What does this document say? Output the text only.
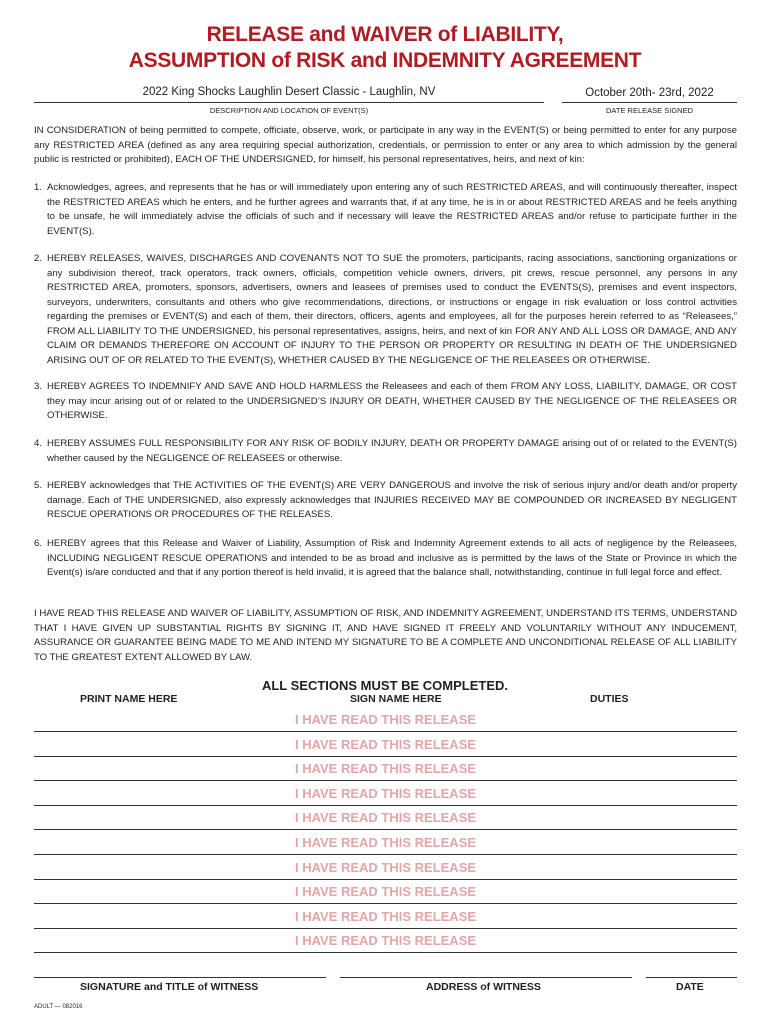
RELEASE and WAIVER of LIABILITY,
ASSUMPTION of RISK and INDEMNITY AGREEMENT
2022 King Shocks Laughlin Desert Classic - Laughlin, NV	October 20th- 23rd, 2022
DESCRIPTION AND LOCATION OF EVENT(S)	DATE RELEASE SIGNED
IN CONSIDERATION of being permitted to compete, officiate, observe, work, or participate in any way in the EVENT(S) or being permitted to enter for any purpose any RESTRICTED AREA (defined as any area requiring special authorization, credentials, or permission to enter or any area to which admission by the general public is restricted or prohibited), EACH OF THE UNDERSIGNED, for himself, his personal representatives, heirs, and next of kin:
1. Acknowledges, agrees, and represents that he has or will immediately upon entering any of such RESTRICTED AREAS, and will continuously thereafter, inspect the RESTRICTED AREAS which he enters, and he further agrees and warrants that, if at any time, he is in or about RESTRICTED AREAS and he feels anything to be unsafe, he will immediately advise the officials of such and if necessary will leave the RESTRICTED AREAS and/or refuse to participate further in the EVENT(S).
2. HEREBY RELEASES, WAIVES, DISCHARGES AND COVENANTS NOT TO SUE the promoters, participants, racing associations, sanctioning organizations or any subdivision thereof, track operators, track owners, officials, competition vehicle owners, drivers, pit crews, rescue personnel, any persons in any RESTRICTED AREA, promoters, sponsors, advertisers, owners and leasees of premises used to conduct the EVENTS(S), premises and event inspectors, surveyors, underwriters, consultants and others who give recommendations, directions, or instructions or engage in risk evaluation or loss control activities regarding the premises or EVENT(S) and each of them, their directors, officers, agents and employees, all for the purposes herein referred to as “Releasees,” FROM ALL LIABILITY TO THE UNDERSIGNED, his personal representatives, assigns, heirs, and next of kin FOR ANY AND ALL LOSS OR DAMAGE, AND ANY CLAIM OR DEMANDS THEREFORE ON ACCOUNT OF INJURY TO THE PERSON OR PROPERTY OR RESULTING IN DEATH OF THE UNDERSIGNED ARISING OUT OF OR RELATED TO THE EVENT(S), WHETHER CAUSED BY THE NEGLIGENCE OF THE RELEASEES OR OTHERWISE.
3. HEREBY AGREES TO INDEMNIFY AND SAVE AND HOLD HARMLESS the Releasees and each of them FROM ANY LOSS, LIABILITY, DAMAGE, OR COST they may incur arising out of or related to the UNDERSIGNED’S INJURY OR DEATH, WHETHER CAUSED BY THE NEGLIGENCE OF THE RELEASEES OR OTHERWISE.
4. HEREBY ASSUMES FULL RESPONSIBILITY FOR ANY RISK OF BODILY INJURY, DEATH OR PROPERTY DAMAGE arising out of or related to the EVENT(S) whether caused by the NEGLIGENCE OF RELEASEES or otherwise.
5. HEREBY acknowledges that THE ACTIVITIES OF THE EVENT(S) ARE VERY DANGEROUS and involve the risk of serious injury and/or death and/or property damage. Each of THE UNDERSIGNED, also expressly acknowledges that INJURIES RECEIVED MAY BE COMPOUNDED OR INCREASED BY NEGLIGENT RESCUE OPERATIONS OR PROCEDURES OF THE RELEASES.
6. HEREBY agrees that this Release and Waiver of Liability, Assumption of Risk and Indemnity Agreement extends to all acts of negligence by the Releasees, INCLUDING NEGLIGENT RESCUE OPERATIONS and intended to be as broad and inclusive as is permitted by the laws of the State or Province in which the Event(s) is/are conducted and that if any portion thereof is held invalid, it is agreed that the balance shall, notwithstanding, continue in full legal force and effect.
I HAVE READ THIS RELEASE AND WAIVER OF LIABILITY, ASSUMPTION OF RISK, AND INDEMNITY AGREEMENT, UNDERSTAND ITS TERMS, UNDERSTAND THAT I HAVE GIVEN UP SUBSTANTIAL RIGHTS BY SIGNING IT, AND HAVE SIGNED IT FREELY AND VOLUNTARILY WITHOUT ANY INDUCEMENT, ASSURANCE OR GUARANTEE BEING MADE TO ME AND INTEND MY SIGNATURE TO BE A COMPLETE AND UNCONDITIONAL RELEASE OF ALL LIABILITY TO THE GREATEST EXTENT ALLOWED BY LAW.
ALL SECTIONS MUST BE COMPLETED.
PRINT NAME HERE	SIGN NAME HERE	DUTIES
I HAVE READ THIS RELEASE
I HAVE READ THIS RELEASE
I HAVE READ THIS RELEASE
I HAVE READ THIS RELEASE
I HAVE READ THIS RELEASE
I HAVE READ THIS RELEASE
I HAVE READ THIS RELEASE
I HAVE READ THIS RELEASE
I HAVE READ THIS RELEASE
I HAVE READ THIS RELEASE
SIGNATURE and TITLE of WITNESS	ADDRESS of WITNESS	DATE
ADULT — 082016
